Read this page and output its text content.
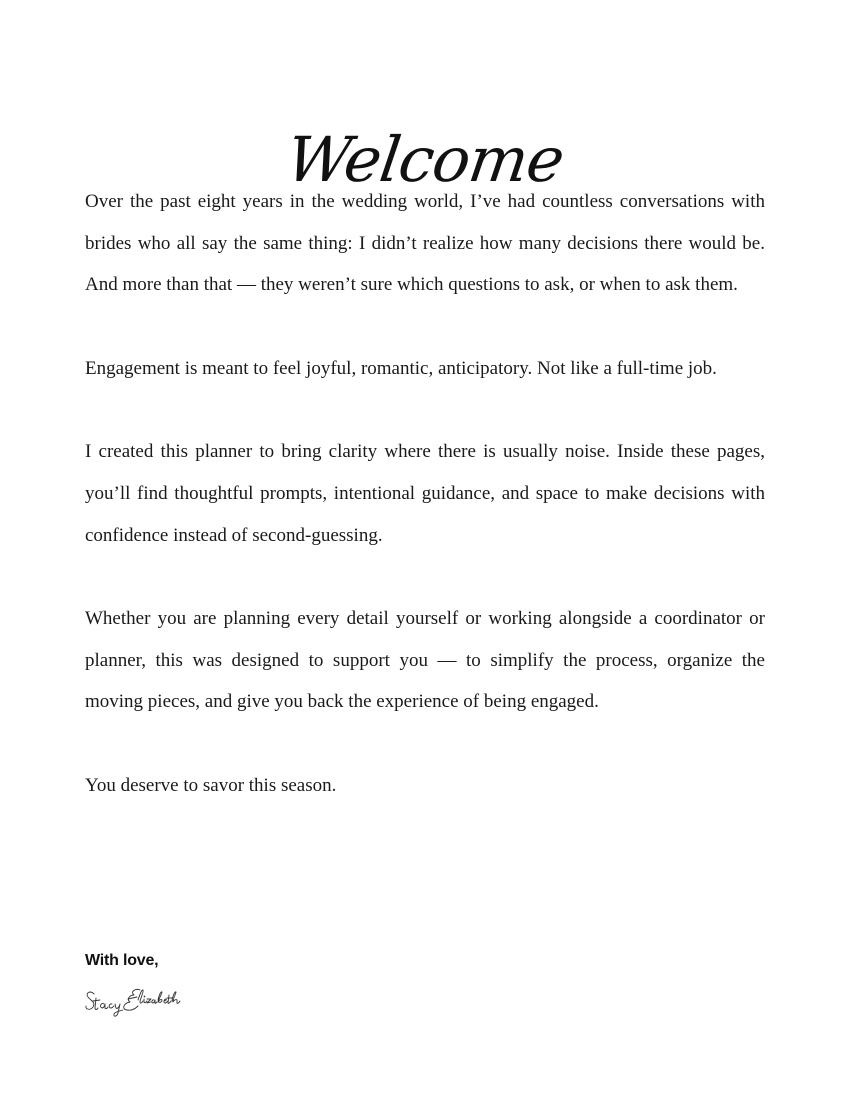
Welcome

Over the past eight years in the wedding world, I’ve had countless conversations with brides who all say the same thing: I didn’t realize how many decisions there would be. And more than that — they weren’t sure which questions to ask, or when to ask them.

Engagement is meant to feel joyful, romantic, anticipatory. Not like a full-time job.

I created this planner to bring clarity where there is usually noise. Inside these pages, you’ll find thoughtful prompts, intentional guidance, and space to make decisions with confidence instead of second-guessing.

Whether you are planning every detail yourself or working alongside a coordinator or planner, this was designed to support you — to simplify the process, organize the moving pieces, and give you back the experience of being engaged.

You deserve to savor this season.

With love,
